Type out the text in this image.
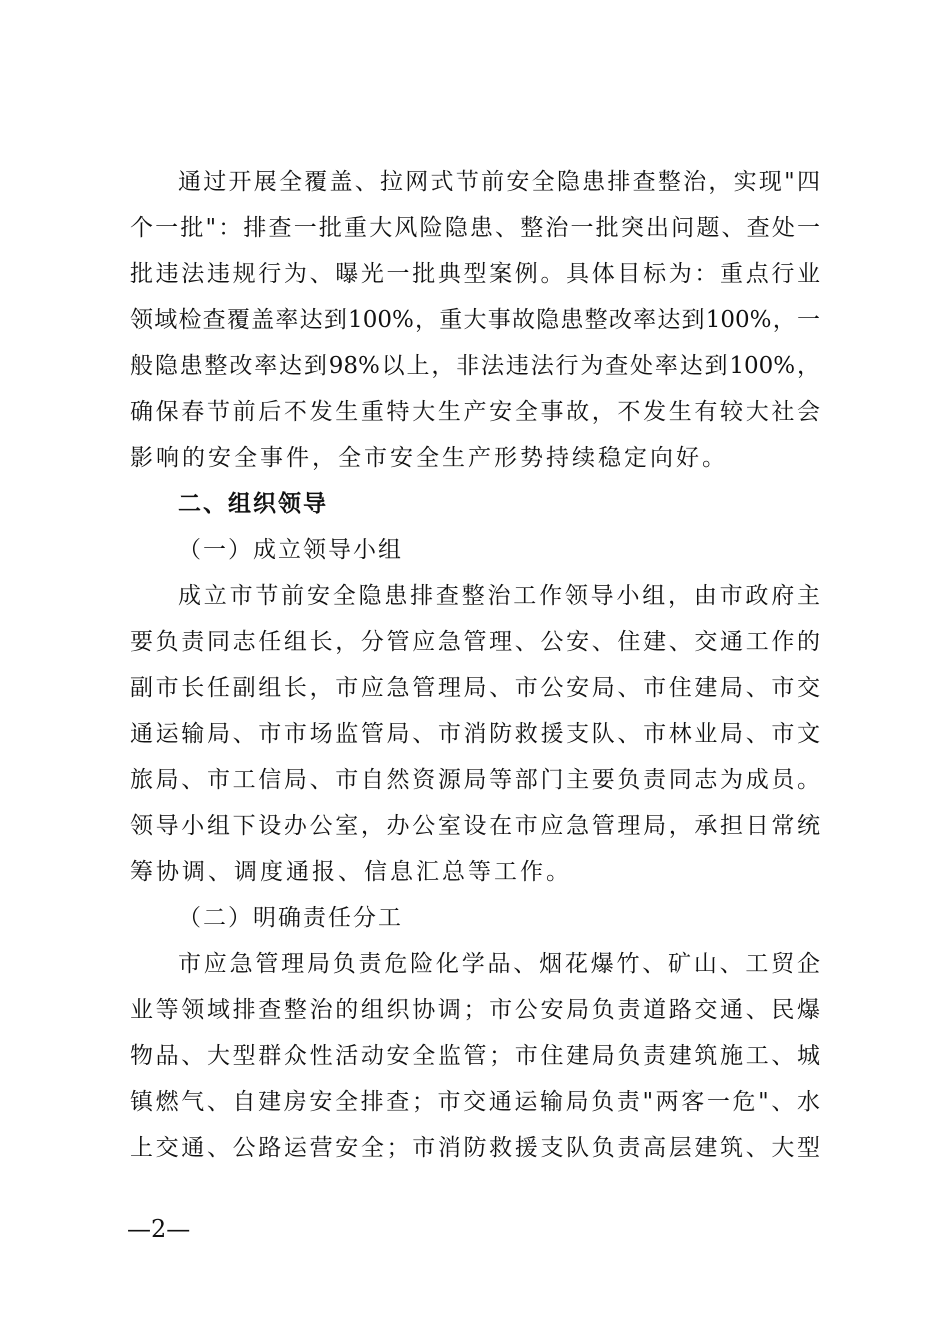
通过开展全覆盖、拉网式节前安全隐患排查整治，实现"四
个一批"：排查一批重大风险隐患、整治一批突出问题、查处一
批违法违规行为、曝光一批典型案例。具体目标为：重点行业
领域检查覆盖率达到100%，重大事故隐患整改率达到100%，一
般隐患整改率达到98%以上，非法违法行为查处率达到100%，
确保春节前后不发生重特大生产安全事故，不发生有较大社会
影响的安全事件，全市安全生产形势持续稳定向好。
二、组织领导
（一）成立领导小组
成立市节前安全隐患排查整治工作领导小组，由市政府主
要负责同志任组长，分管应急管理、公安、住建、交通工作的
副市长任副组长，市应急管理局、市公安局、市住建局、市交
通运输局、市市场监管局、市消防救援支队、市林业局、市文
旅局、市工信局、市自然资源局等部门主要负责同志为成员。
领导小组下设办公室，办公室设在市应急管理局，承担日常统
筹协调、调度通报、信息汇总等工作。
（二）明确责任分工
市应急管理局负责危险化学品、烟花爆竹、矿山、工贸企
业等领域排查整治的组织协调；市公安局负责道路交通、民爆
物品、大型群众性活动安全监管；市住建局负责建筑施工、城
镇燃气、自建房安全排查；市交通运输局负责"两客一危"、水
上交通、公路运营安全；市消防救援支队负责高层建筑、大型
—2—
